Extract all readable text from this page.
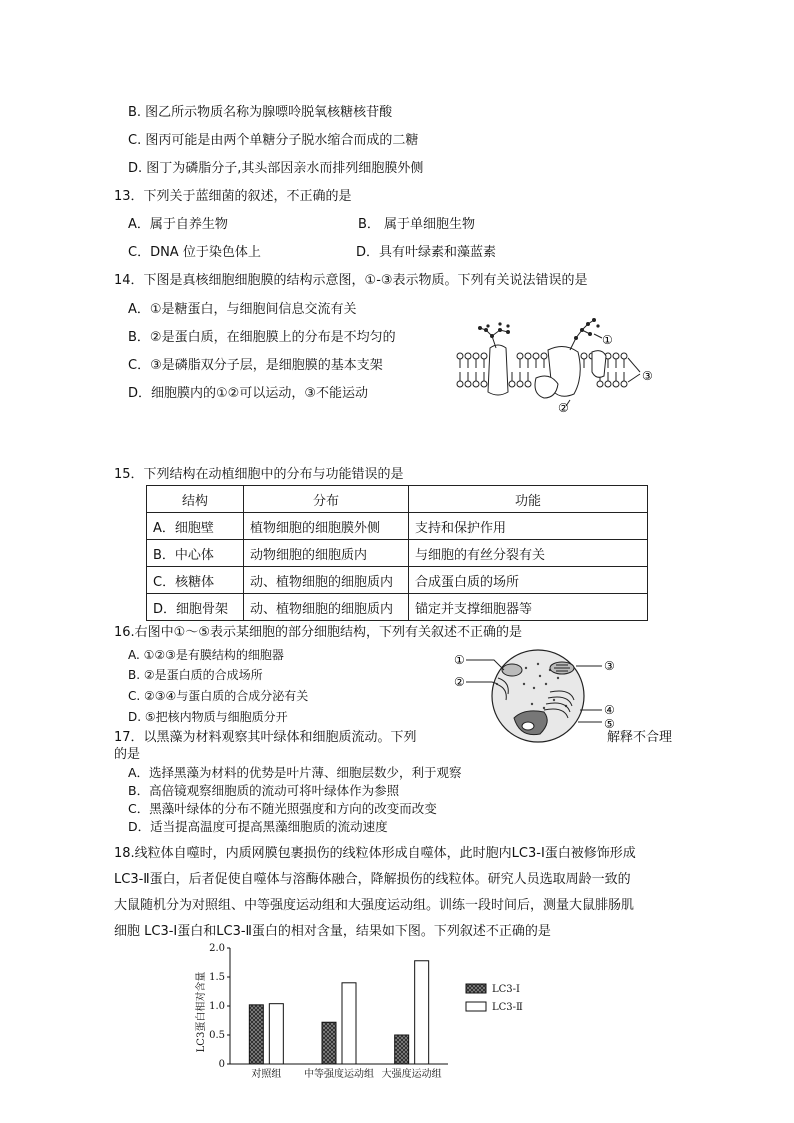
B. 图乙所示物质名称为腺嘌呤脱氧核糖核苷酸
C. 图丙可能是由两个单糖分子脱水缩合而成的二糖
D. 图丁为磷脂分子,其头部因亲水而排列细胞膜外侧
13．下列关于蓝细菌的叙述，不正确的是
A．属于自养生物	B． 属于单细胞生物
C．DNA 位于染色体上	D．具有叶绿素和藻蓝素
14．下图是真核细胞细胞膜的结构示意图，①-③表示物质。下列有关说法错误的是
A．①是糖蛋白，与细胞间信息交流有关
B．②是蛋白质，在细胞膜上的分布是不均匀的
C．③是磷脂双分子层，是细胞膜的基本支架
D．细胞膜内的①②可以运动，③不能运动
①
②
③
15．下列结构在动植细胞中的分布与功能错误的是
结构	分布	功能
A．细胞壁	植物细胞的细胞膜外侧	支持和保护作用
B．中心体	动物细胞的细胞质内	与细胞的有丝分裂有关
C．核糖体	动、植物细胞的细胞质内	合成蛋白质的场所
D．细胞骨架	动、植物细胞的细胞质内	锚定并支撑细胞器等
16.右图中①～⑤表示某细胞的部分细胞结构，下列有关叙述不正确的是
A. ①②③是有膜结构的细胞器
B. ②是蛋白质的合成场所
C. ②③④与蛋白质的合成分泌有关
D. ⑤把核内物质与细胞质分开
①
②
③
④
⑤
17．以黑藻为材料观察其叶绿体和细胞质流动。下列	解释不合理
的是
A．选择黑藻为材料的优势是叶片薄、细胞层数少，利于观察
B．高倍镜观察细胞质的流动可将叶绿体作为参照
C．黑藻叶绿体的分布不随光照强度和方向的改变而改变
D．适当提高温度可提高黑藻细胞质的流动速度
18.线粒体自噬时，内质网膜包裹损伤的线粒体形成自噬体，此时胞内LC3-Ⅰ蛋白被修饰形成
LC3-Ⅱ蛋白，后者促使自噬体与溶酶体融合，降解损伤的线粒体。研究人员选取周龄一致的
大鼠随机分为对照组、中等强度运动组和大强度运动组。训练一段时间后，测量大鼠腓肠肌
细胞 LC3-Ⅰ蛋白和LC3-Ⅱ蛋白的相对含量，结果如下图。下列叙述不正确的是
0
0.5
1.0
1.5
2.0
对照组 中等强度运动组 大强度运动组
LC3-Ⅰ
LC3-Ⅱ
LC3蛋白相对含量
